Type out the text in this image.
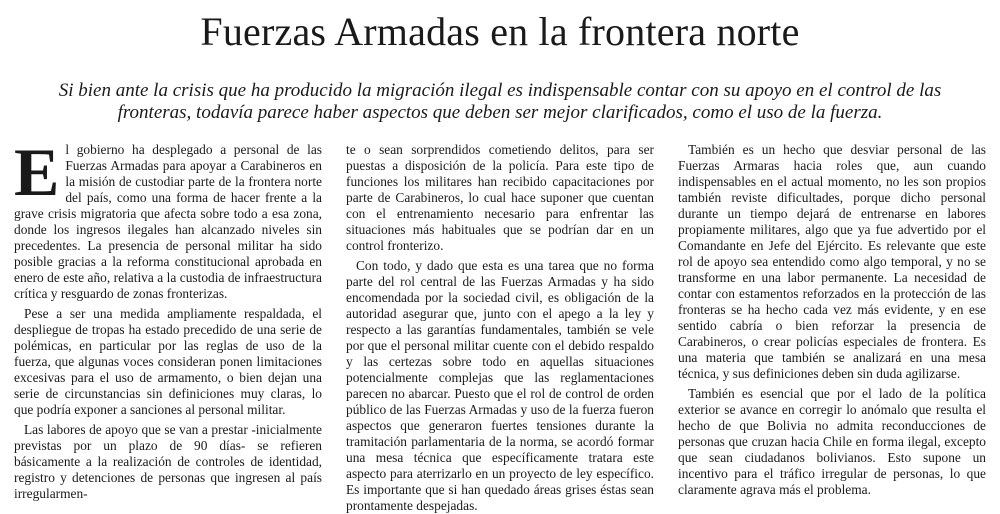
Fuerzas Armadas en la frontera norte
Si bien ante la crisis que ha producido la migración ilegal es indispensable contar con su apoyo en el control de las fronteras, todavía parece haber aspectos que deben ser mejor clarificados, como el uso de la fuerza.

El gobierno ha desplegado a personal de las Fuerzas Armadas para apoyar a Carabineros en la misión de custodiar parte de la frontera norte del país, como una forma de hacer frente a la grave crisis migratoria que afecta sobre todo a esa zona, donde los ingresos ilegales han alcanzado niveles sin precedentes. La presencia de personal militar ha sido posible gracias a la reforma constitucional aprobada en enero de este año, relativa a la custodia de infraestructura crítica y resguardo de zonas fronterizas.

Pese a ser una medida ampliamente respaldada, el despliegue de tropas ha estado precedido de una serie de polémicas, en particular por las reglas de uso de la fuerza, que algunas voces consideran ponen limitaciones excesivas para el uso de armamento, o bien dejan una serie de circunstancias sin definiciones muy claras, lo que podría exponer a sanciones al personal militar.

Las labores de apoyo que se van a prestar -inicialmente previstas por un plazo de 90 días- se refieren básicamente a la realización de controles de identidad, registro y detenciones de personas que ingresen al país irregularmen-

te o sean sorprendidos cometiendo delitos, para ser puestas a disposición de la policía. Para este tipo de funciones los militares han recibido capacitaciones por parte de Carabineros, lo cual hace suponer que cuentan con el entrenamiento necesario para enfrentar las situaciones más habituales que se podrían dar en un control fronterizo.

Con todo, y dado que esta es una tarea que no forma parte del rol central de las Fuerzas Armadas y ha sido encomendada por la sociedad civil, es obligación de la autoridad asegurar que, junto con el apego a la ley y respecto a las garantías fundamentales, también se vele por que el personal militar cuente con el debido respaldo y las certezas sobre todo en aquellas situaciones potencialmente complejas que las reglamentaciones parecen no abarcar. Puesto que el rol de control de orden público de las Fuerzas Armadas y uso de la fuerza fueron aspectos que generaron fuertes tensiones durante la tramitación parlamentaria de la norma, se acordó formar una mesa técnica que específicamente tratara este aspecto para aterrizarlo en un proyecto de ley específico. Es importante que si han quedado áreas grises éstas sean prontamente despejadas.

También es un hecho que desviar personal de las Fuerzas Armaras hacia roles que, aun cuando indispensables en el actual momento, no les son propios también reviste dificultades, porque dicho personal durante un tiempo dejará de entrenarse en labores propiamente militares, algo que ya fue advertido por el Comandante en Jefe del Ejército. Es relevante que este rol de apoyo sea entendido como algo temporal, y no se transforme en una labor permanente. La necesidad de contar con estamentos reforzados en la protección de las fronteras se ha hecho cada vez más evidente, y en ese sentido cabría o bien reforzar la presencia de Carabineros, o crear policías especiales de frontera. Es una materia que también se analizará en una mesa técnica, y sus definiciones deben sin duda agilizarse.

También es esencial que por el lado de la política exterior se avance en corregir lo anómalo que resulta el hecho de que Bolivia no admita reconducciones de personas que cruzan hacia Chile en forma ilegal, excepto que sean ciudadanos bolivianos. Esto supone un incentivo para el tráfico irregular de personas, lo que claramente agrava más el problema.
